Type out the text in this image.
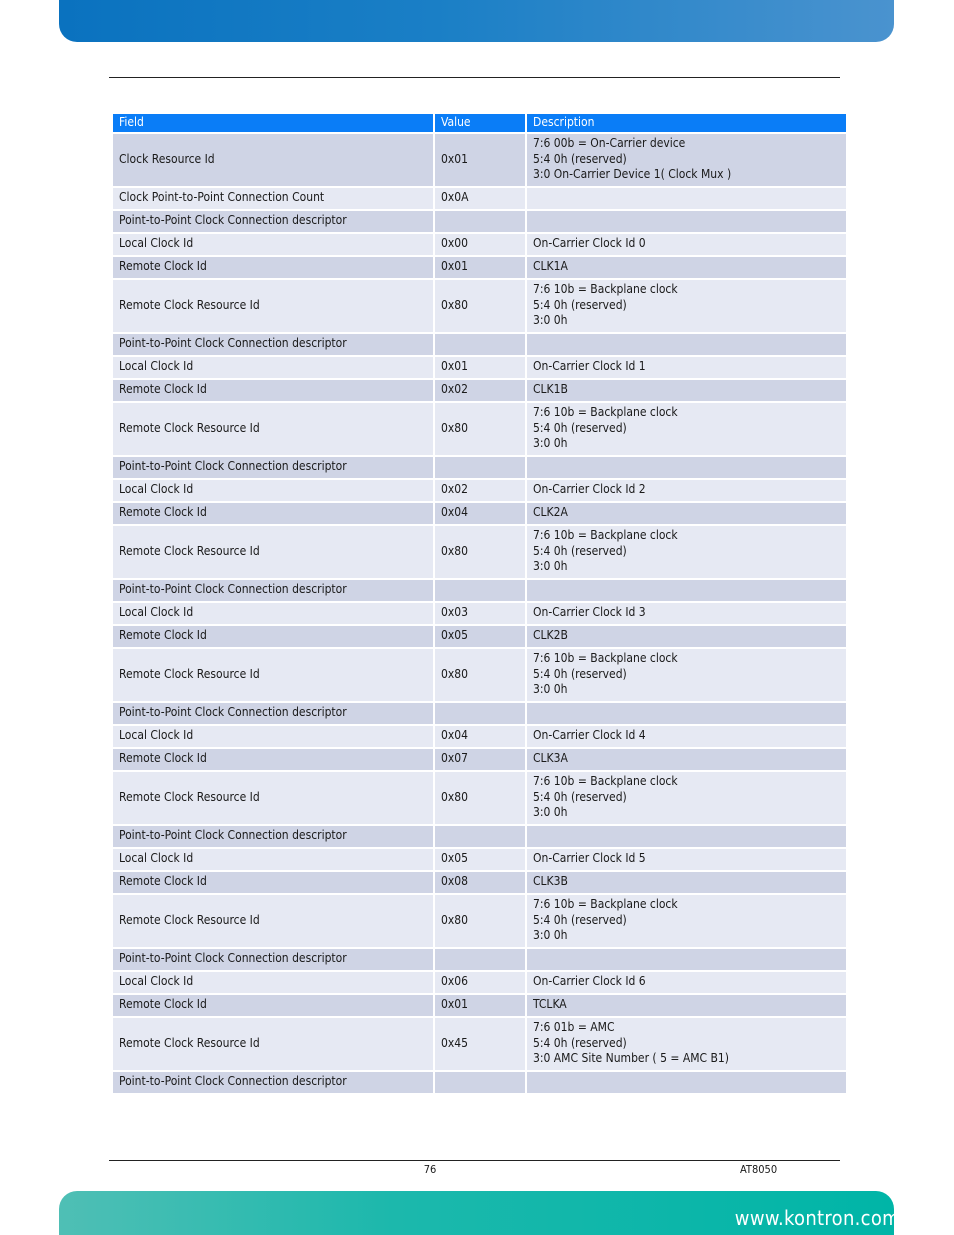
Field	Value	Description
Clock Resource Id	0x01	7:6 00b = On-Carrier device
5:4 0h (reserved)
3:0 On-Carrier Device 1( Clock Mux )

Clock Point-to-Point Connection Count	0x0A	
Point-to-Point Clock Connection descriptor		
Local Clock Id	0x00	On-Carrier Clock Id 0

Remote Clock Id	0x01	CLK1A

Remote Clock Resource Id	0x80	7:6 10b = Backplane clock
5:4 0h (reserved)
3:0 0h

Point-to-Point Clock Connection descriptor		
Local Clock Id	0x01	On-Carrier Clock Id 1

Remote Clock Id	0x02	CLK1B

Remote Clock Resource Id	0x80	7:6 10b = Backplane clock
5:4 0h (reserved)
3:0 0h

Point-to-Point Clock Connection descriptor		
Local Clock Id	0x02	On-Carrier Clock Id 2

Remote Clock Id	0x04	CLK2A

Remote Clock Resource Id	0x80	7:6 10b = Backplane clock
5:4 0h (reserved)
3:0 0h

Point-to-Point Clock Connection descriptor		
Local Clock Id	0x03	On-Carrier Clock Id 3

Remote Clock Id	0x05	CLK2B

Remote Clock Resource Id	0x80	7:6 10b = Backplane clock
5:4 0h (reserved)
3:0 0h

Point-to-Point Clock Connection descriptor		
Local Clock Id	0x04	On-Carrier Clock Id 4

Remote Clock Id	0x07	CLK3A

Remote Clock Resource Id	0x80	7:6 10b = Backplane clock
5:4 0h (reserved)
3:0 0h

Point-to-Point Clock Connection descriptor		
Local Clock Id	0x05	On-Carrier Clock Id 5

Remote Clock Id	0x08	CLK3B

Remote Clock Resource Id	0x80	7:6 10b = Backplane clock
5:4 0h (reserved)
3:0 0h

Point-to-Point Clock Connection descriptor		
Local Clock Id	0x06	On-Carrier Clock Id 6

Remote Clock Id	0x01	TCLKA

Remote Clock Resource Id	0x45	7:6 01b = AMC
5:4 0h (reserved)
3:0 AMC Site Number ( 5 = AMC B1)

Point-to-Point Clock Connection descriptor		
76	AT8050
www.kontron.com
